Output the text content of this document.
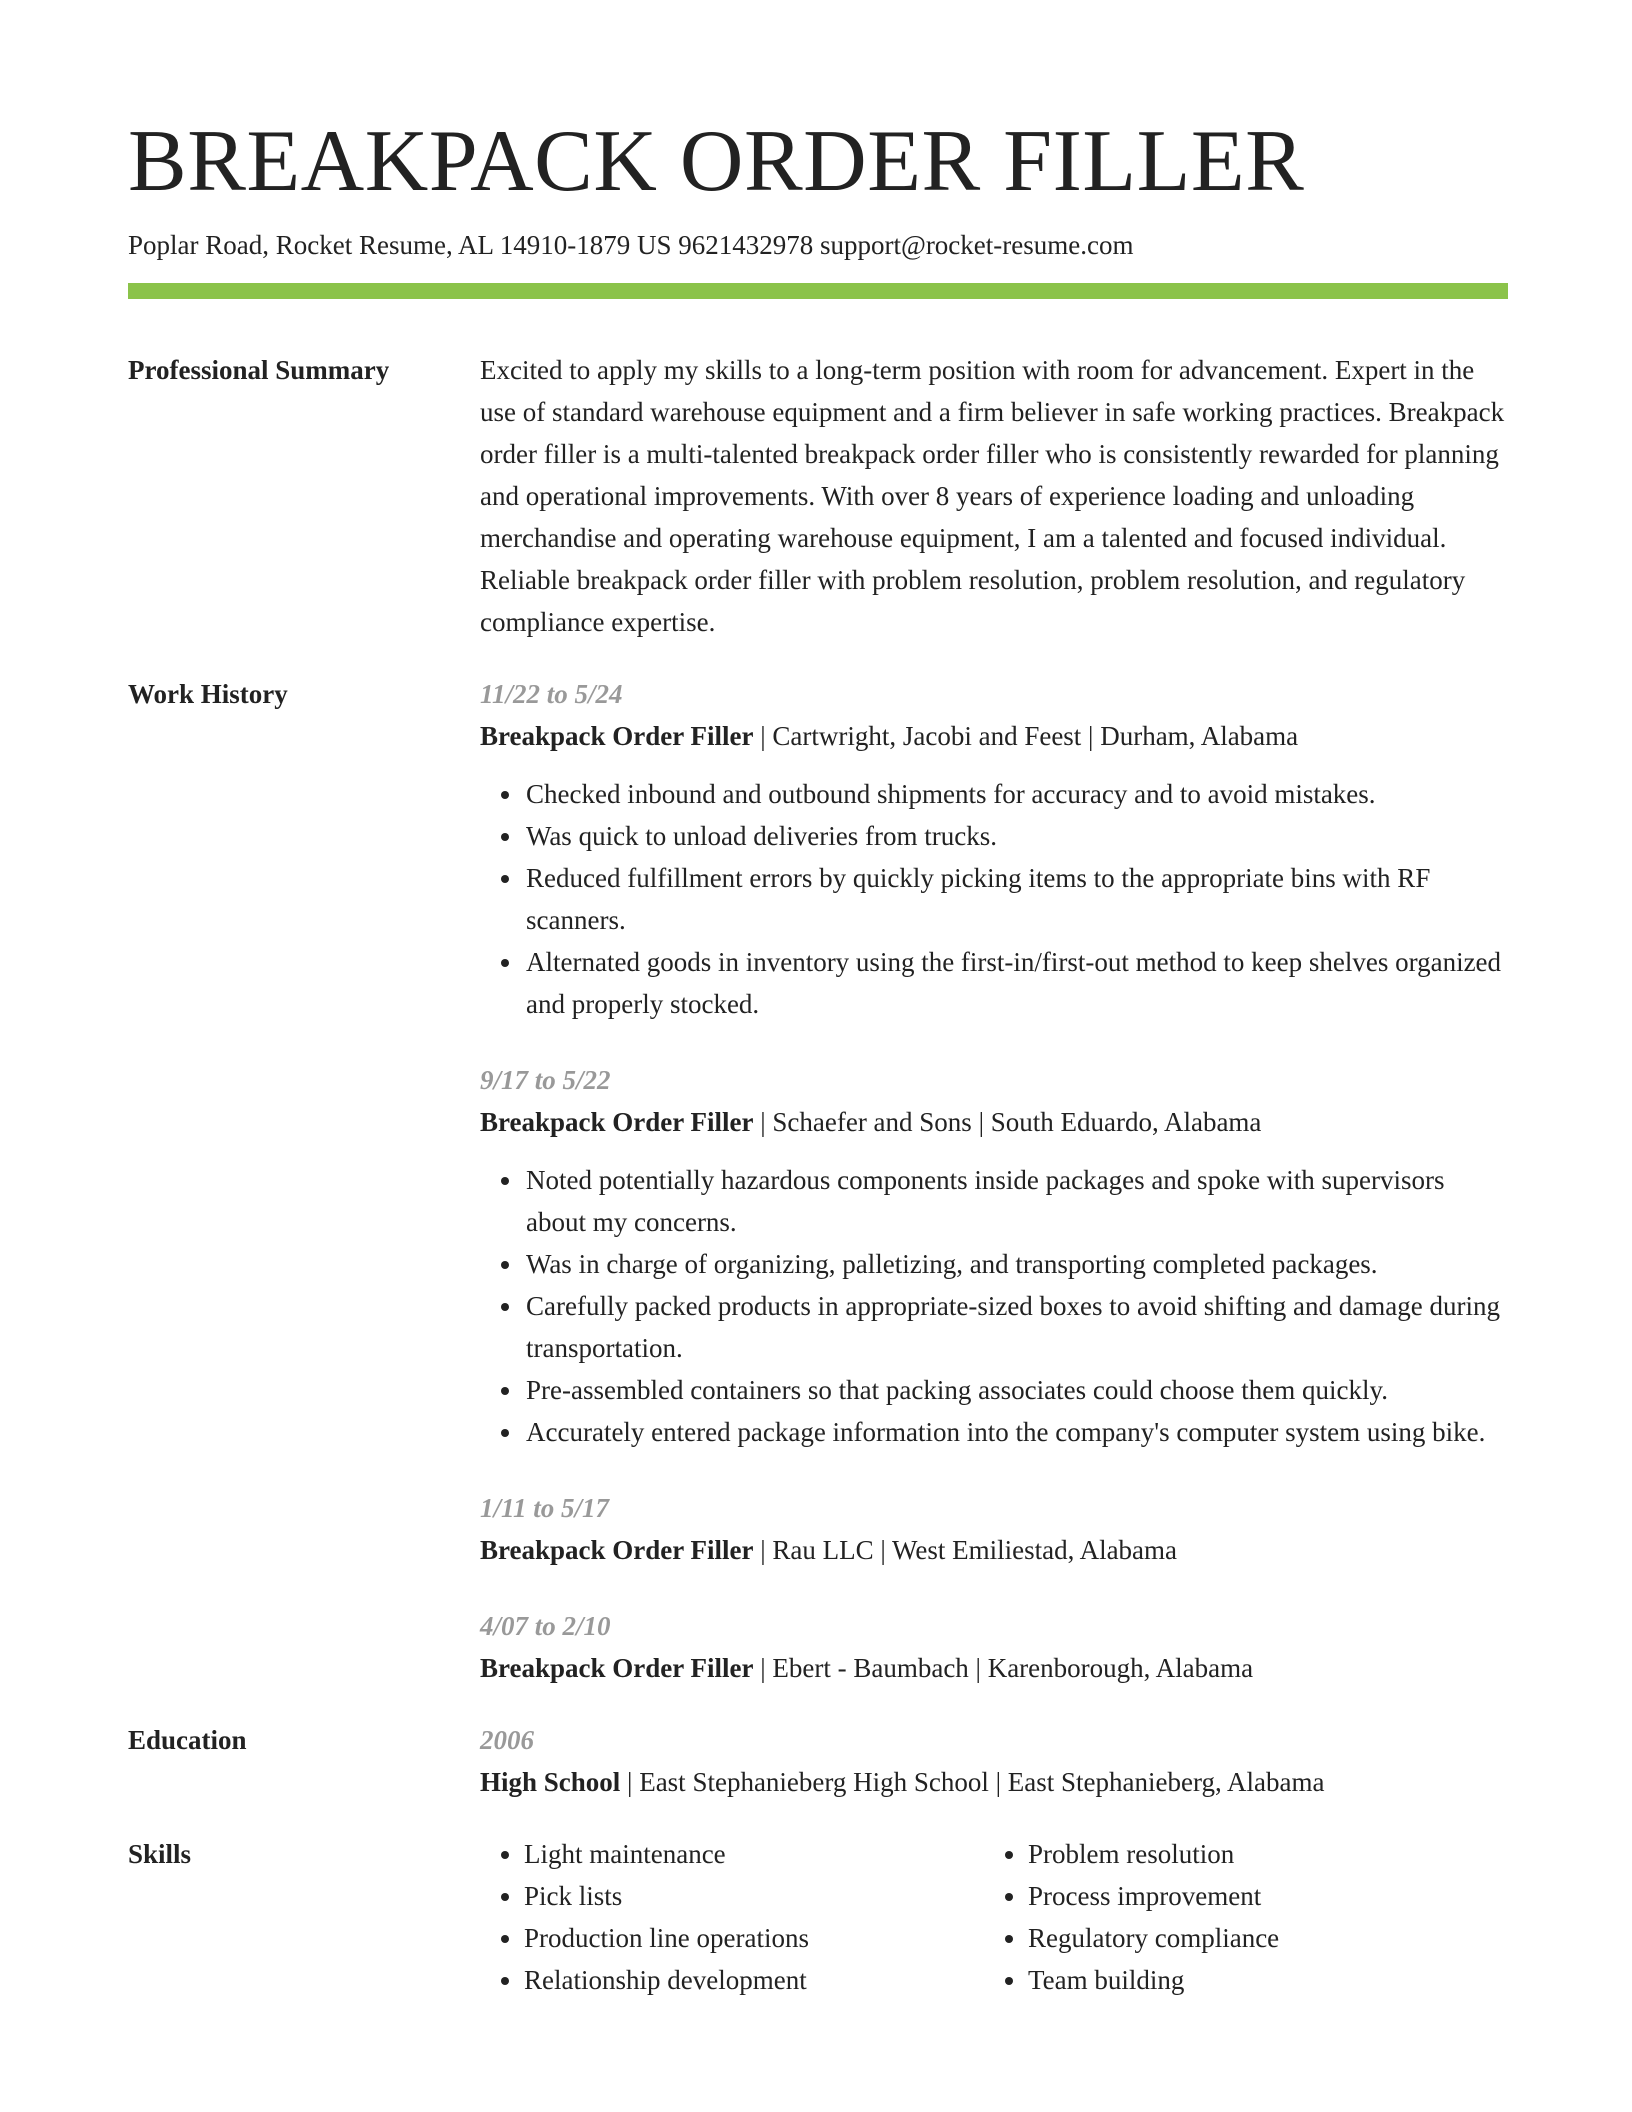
BREAKPACK ORDER FILLER
Poplar Road, Rocket Resume, AL 14910-1879 US 9621432978 support@rocket-resume.com
Professional Summary	Excited to apply my skills to a long-term position with room for advancement. Expert in the use of standard warehouse equipment and a firm believer in safe working practices. Breakpack order filler is a multi-talented breakpack order filler who is consistently rewarded for planning and operational improvements. With over 8 years of experience loading and unloading merchandise and operating warehouse equipment, I am a talented and focused individual. Reliable breakpack order filler with problem resolution, problem resolution, and regulatory compliance expertise.

Work History	11/22 to 5/24
Breakpack Order Filler | Cartwright, Jacobi and Feest | Durham, Alabama
• Checked inbound and outbound shipments for accuracy and to avoid mistakes.
• Was quick to unload deliveries from trucks.
• Reduced fulfillment errors by quickly picking items to the appropriate bins with RF scanners.
• Alternated goods in inventory using the first-in/first-out method to keep shelves organized and properly stocked.
9/17 to 5/22
Breakpack Order Filler | Schaefer and Sons | South Eduardo, Alabama
• Noted potentially hazardous components inside packages and spoke with supervisors about my concerns.
• Was in charge of organizing, palletizing, and transporting completed packages.
• Carefully packed products in appropriate-sized boxes to avoid shifting and damage during transportation.
• Pre-assembled containers so that packing associates could choose them quickly.
• Accurately entered package information into the company's computer system using bike.
1/11 to 5/17
Breakpack Order Filler | Rau LLC | West Emiliestad, Alabama
4/07 to 2/10
Breakpack Order Filler | Ebert - Baumbach | Karenborough, Alabama
Education	2006
High School | East Stephanieberg High School | East Stephanieberg, Alabama
Skills
•	Light maintenance
• Pick lists
• Production line operations
• Relationship development
• Problem resolution
• Process improvement
• Regulatory compliance
• Team building
